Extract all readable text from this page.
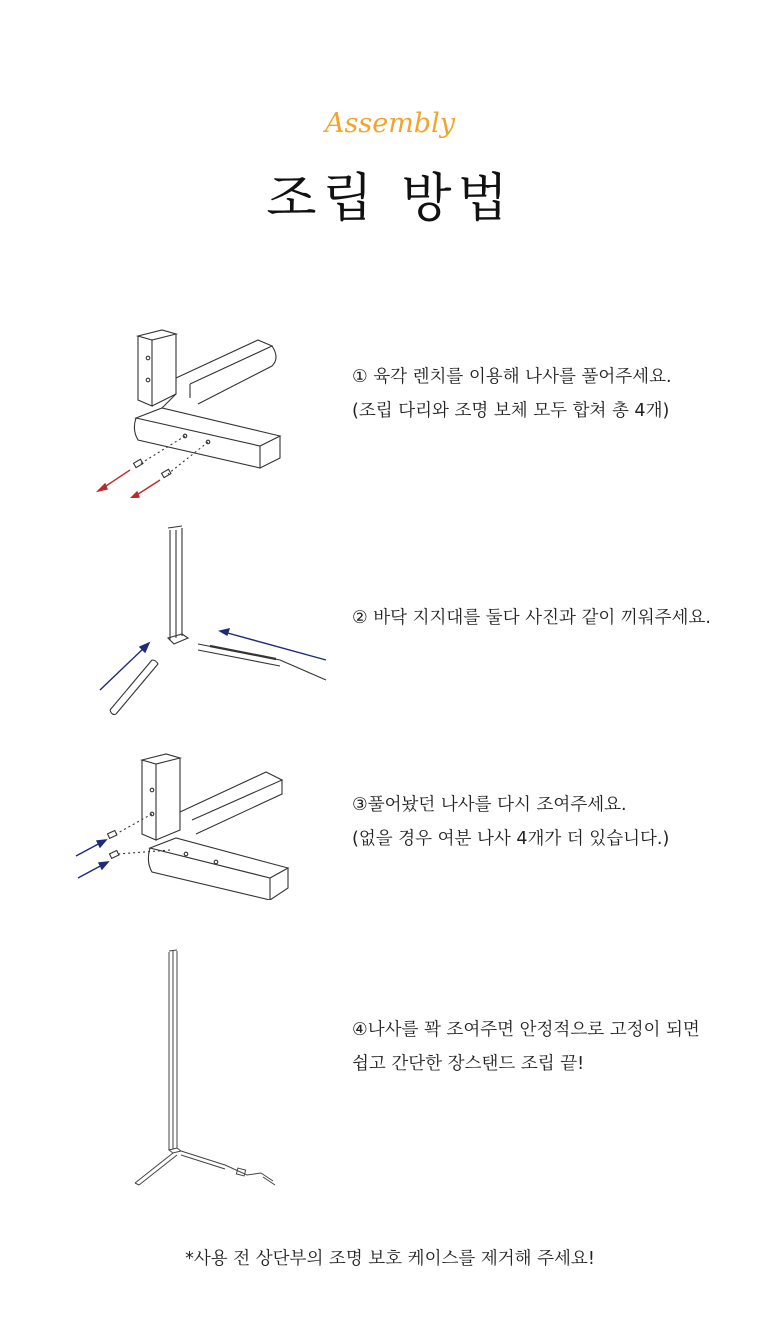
Assembly
조립 방법
① 육각 렌치를 이용해 나사를 풀어주세요.
(조립 다리와 조명 보체 모두 합쳐 총 4개)
② 바닥 지지대를 둘다 사진과 같이 끼워주세요.
③풀어놨던 나사를 다시 조여주세요.
(없을 경우 여분 나사 4개가 더 있습니다.)
④나사를 꽉 조여주면 안정적으로 고정이 되면
쉽고 간단한 장스탠드 조립 끝!
*사용 전 상단부의 조명 보호 케이스를 제거해 주세요!
